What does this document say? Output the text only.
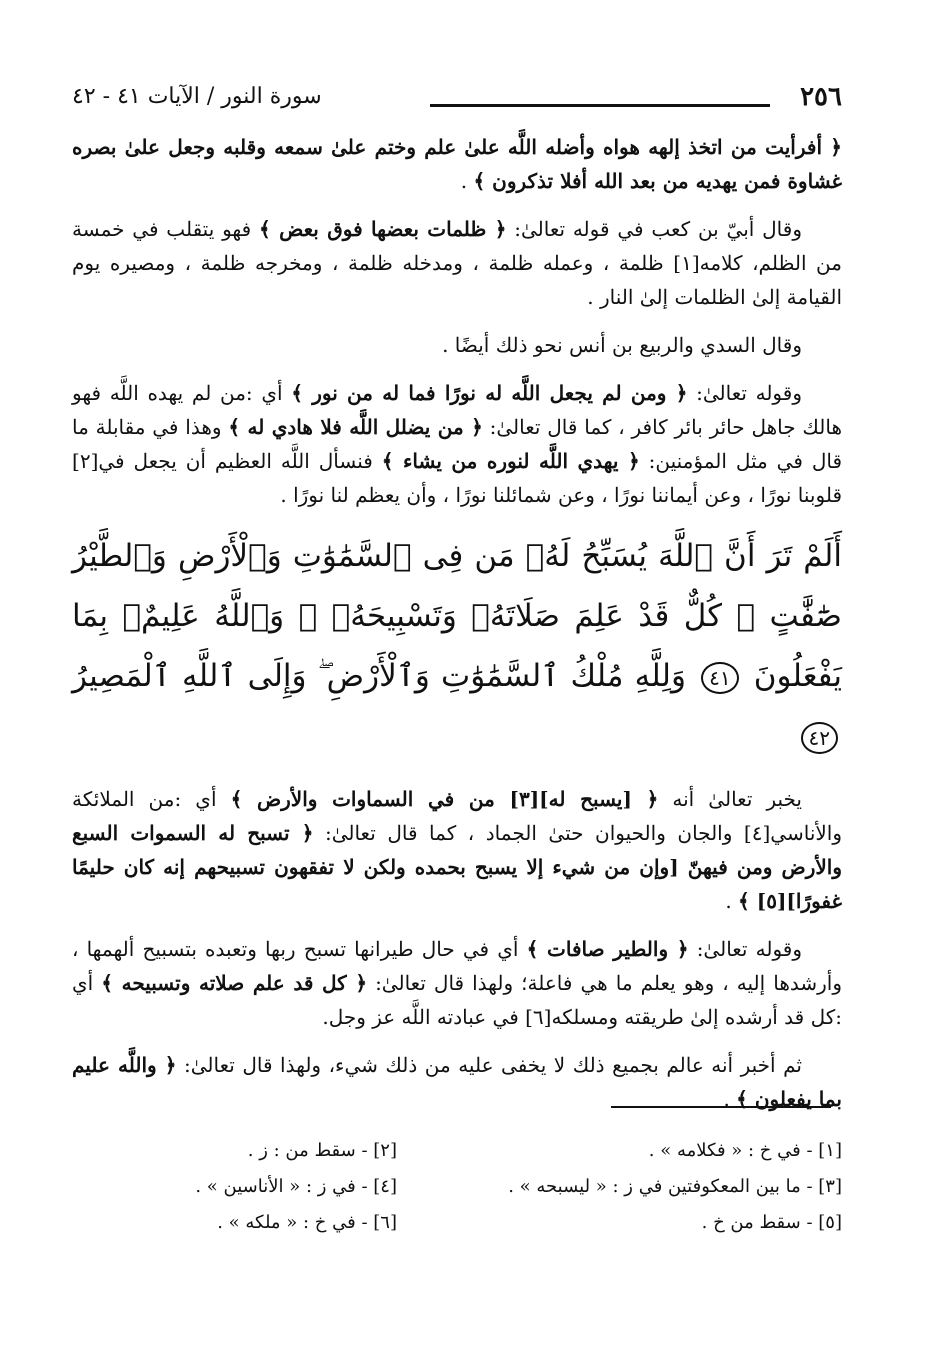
٢٥٦
سورة النور / الآيات ٤١ - ٤٢

﴿ أفرأيت من اتخذ إلهه هواه وأضله اللَّه علىٰ علم وختم علىٰ سمعه وقلبه وجعل علىٰ بصره غشاوة فمن يهديه من بعد الله أفلا تذكرون ﴾ .

وقال أبيّ بن كعب في قوله تعالىٰ: ﴿ ظلمات بعضها فوق بعض ﴾ فهو يتقلب في خمسة من الظلم، كلامه[١] ظلمة ، وعمله ظلمة ، ومدخله ظلمة ، ومخرجه ظلمة ، ومصيره يوم القيامة إلىٰ الظلمات إلىٰ النار .

وقال السدي والربيع بن أنس نحو ذلك أيضًا .

وقوله تعالىٰ: ﴿ ومن لم يجعل اللَّه له نورًا فما له من نور ﴾ أي :من لم يهده اللَّه فهو هالك جاهل حائر بائر كافر ، كما قال تعالىٰ: ﴿ من يضلل اللَّه فلا هادي له ﴾ وهذا في مقابلة ما قال في مثل المؤمنين: ﴿ يهدي اللَّه لنوره من يشاء ﴾ فنسأل اللَّه العظيم أن يجعل في[٢] قلوبنا نورًا ، وعن أيماننا نورًا ، وعن شمائلنا نورًا ، وأن يعظم لنا نورًا .

أَلَمْ تَرَ أَنَّ ٱللَّهَ يُسَبِّحُ لَهُۥ مَن فِى ٱلسَّمَٰوَٰتِ وَٱلْأَرْضِ وَٱلطَّيْرُ صَٰٓفَّٰتٍ ۖ كُلٌّ قَدْ عَلِمَ صَلَاتَهُۥ وَتَسْبِيحَهُۥ ۗ وَٱللَّهُ عَلِيمٌۢ بِمَا يَفْعَلُونَ ٤١ وَلِلَّهِ مُلْكُ ٱلسَّمَٰوَٰتِ وَٱلْأَرْضِ ۖ وَإِلَى ٱللَّهِ ٱلْمَصِيرُ ٤٢

يخبر تعالىٰ أنه ﴿ [يسبح له][٣] من في السماوات والأرض ﴾ أي :من الملائكة والأناسي[٤] والجان والحيوان حتىٰ الجماد ، كما قال تعالىٰ: ﴿ تسبح له السموات السبع والأرض ومن فيهنّ [وإن من شيء إلا يسبح بحمده ولكن لا تفقهون تسبيحهم إنه كان حليمًا غفورًا][٥] ﴾ .

وقوله تعالىٰ: ﴿ والطير صافات ﴾ أي في حال طيرانها تسبح ربها وتعبده بتسبيح ألهمها ، وأرشدها إليه ، وهو يعلم ما هي فاعلة؛ ولهذا قال تعالىٰ: ﴿ كل قد علم صلاته وتسبيحه ﴾ أي :كل قد أرشده إلىٰ طريقته ومسلكه[٦] في عبادته اللَّه عز وجل.

ثم أخبر أنه عالم بجميع ذلك لا يخفى عليه من ذلك شيء، ولهذا قال تعالىٰ: ﴿ واللَّه عليم بما يفعلون ﴾ .

[١] - في خ : « فكلامه » .
[٢] - سقط من : ز .
[٣] - ما بين المعكوفتين في ز : « ليسبحه » .
[٤] - في ز : « الأناسين » .
[٥] - سقط من خ .
[٦] - في خ : « ملكه » .
